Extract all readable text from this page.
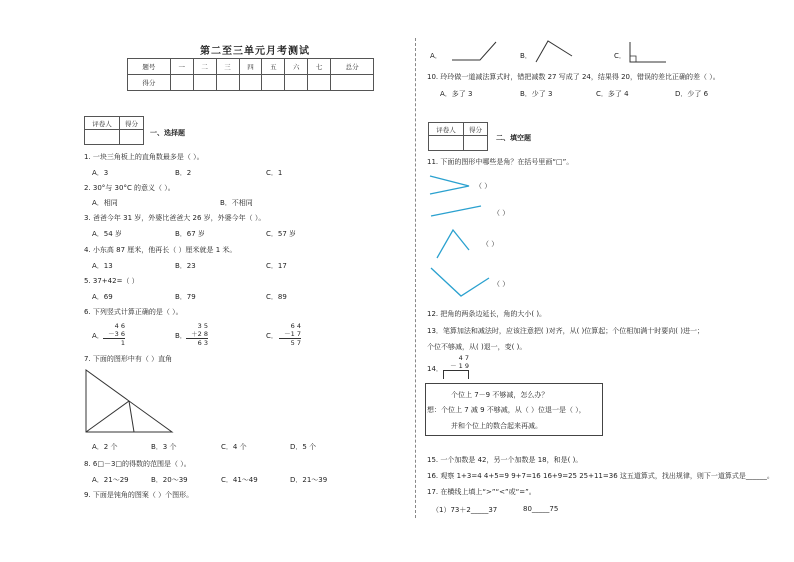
第二至三单元月考测试
题号	一	二	三	四	五	六	七	总分
得分								
评卷人	得分

一、选择题
1. 一块三角板上的直角数最多是（ ）。
A．3	B．2	C．1
2. 30°与 30°C 的意义（ ）。
A．相同	B．不相同
3. 爸爸今年 31 岁，外婆比爸爸大 26 岁，外婆今年（ ）。
A．54 岁	B．67 岁	C．57 岁
4. 小东高 87 厘米，他再长（ ）厘米就是 1 米。
A．13	B．23	C．17
5. 37+42=（ ）
A．69	B．79	C．89
6. 下列竖式计算正确的是（ ）。
A．
4 6
－3 6
1
B．
3 5
＋2 8
6 3
C．
6 4
－1 7
5 7
7. 下面的图形中有（ ）直角
A．2 个	B．3 个	C．4 个	D．5 个
8. 6□－3□的得数的范围是（ ）。
A．21～29	B．20～39	C．41～49	D．21～39
9. 下面是钝角的图案（ ）个图形。
A．	B．	C．
10. 玲玲做一道减法算式时，错把减数 27 写成了 24，结果得 20，错误的差比正确的差（ ）。
A．多了 3	B．少了 3	C．多了 4	D．少了 6
评卷人	得分

二、填空题
11. 下面的图形中哪些是角？在括号里画“□”。
（ ）
（ ）
（ ）
（ ）
12. 把角的两条边延长，角的大小( )。
13．笔算加法和减法时，应该注意把( )对齐，从( )位算起；个位相加满十时要向( )进一；
个位不够减，从( )退一，变( )。
14．
4 7
－ 1 9
个位上 7－9 不够减，怎么办？
想：个位上 7 减 9 不够减，从（ ）位退一是（ ），
并和个位上的数合起来再减。
15. 一个加数是 42，另一个加数是 18，和是( )。
16. 观察 1+3=4 4+5=9 9+7=16 16+9=25 25+11=36 这五道算式，找出规律，则下一道算式是______。
17. 在横线上填上“>”“<”或“=”。
（1）73＋2_____37	80_____75
